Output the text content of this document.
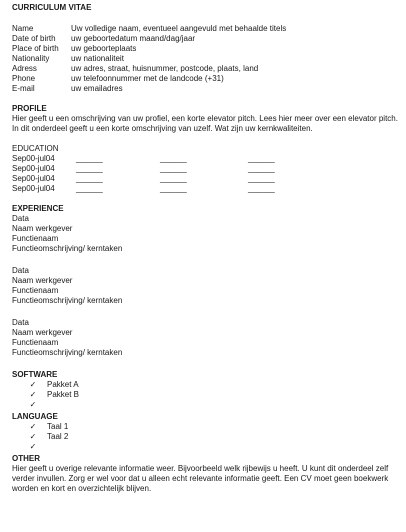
CURRICULUM VITAE
Name	Uw volledige naam, eventueel aangevuld met behaalde titels
Date of birth	uw geboortedatum maand/dag/jaar
Place of birth	uw geboorteplaats
Nationality	uw nationaliteit
Adress	uw adres, straat, huisnummer, postcode, plaats, land
Phone	uw telefoonnummer met de landcode (+31)
E-mail	uw emailadres
PROFILE
Hier geeft u een omschrijving van uw profiel, een korte elevator pitch. Lees hier meer over een elevator pitch. In dit onderdeel geeft u een korte omschrijving van uzelf. Wat zijn uw kernkwaliteiten.
EDUCATION
Sep00-jul04	______	______	______
Sep00-jul04	______	______	______
Sep00-jul04	______	______	______
Sep00-jul04	______	______	______
EXPERIENCE
Data
Naam werkgever
Functienaam
Functieomschrijving/ kerntaken
Data
Naam werkgever
Functienaam
Functieomschrijving/ kerntaken
Data
Naam werkgever
Functienaam
Functieomschrijving/ kerntaken
SOFTWARE
✓	Pakket A
✓	Pakket B
✓
LANGUAGE
✓	Taal 1
✓	Taal 2
✓
OTHER
Hier geeft u overige relevante informatie weer. Bijvoorbeeld welk rijbewijs u heeft. U kunt dit onderdeel zelf verder invullen. Zorg er wel voor dat u alleen echt relevante informatie geeft. Een CV moet geen boekwerk worden en kort en overzichtelijk blijven.
